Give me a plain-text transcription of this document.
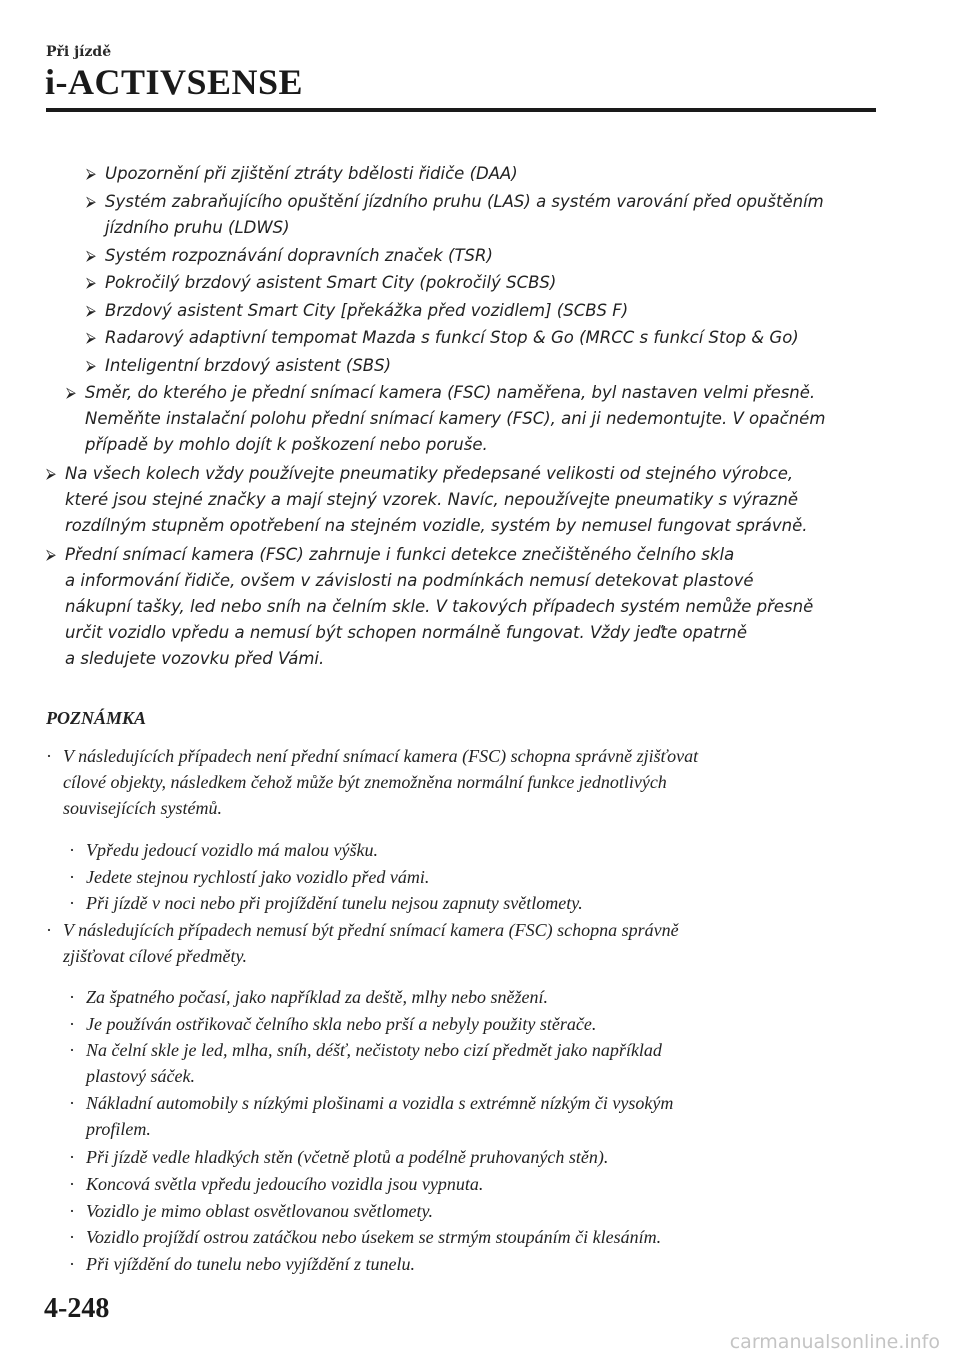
Při jízdě
i-ACTIVSENSE
⮚ Upozornění při zjištění ztráty bdělosti řidiče (DAA)
⮚ Systém zabraňujícího opuštění jízdního pruhu (LAS) a systém varování před opuštěním
jízdního pruhu (LDWS)
⮚ Systém rozpoznávání dopravních značek (TSR)
⮚ Pokročilý brzdový asistent Smart City (pokročilý SCBS)
⮚ Brzdový asistent Smart City [překážka před vozidlem] (SCBS F)
⮚ Radarový adaptivní tempomat Mazda s funkcí Stop & Go (MRCC s funkcí Stop & Go)
⮚ Inteligentní brzdový asistent (SBS)
⮚ Směr, do kterého je přední snímací kamera (FSC) naměřena, byl nastaven velmi přesně.
Neměňte instalační polohu přední snímací kamery (FSC), ani ji nedemontujte. V opačném
případě by mohlo dojít k poškození nebo poruše.
⮚ Na všech kolech vždy používejte pneumatiky předepsané velikosti od stejného výrobce,
které jsou stejné značky a mají stejný vzorek. Navíc, nepoužívejte pneumatiky s výrazně
rozdílným stupněm opotřebení na stejném vozidle, systém by nemusel fungovat správně.
⮚ Přední snímací kamera (FSC) zahrnuje i funkci detekce znečištěného čelního skla
a informování řidiče, ovšem v závislosti na podmínkách nemusí detekovat plastové
nákupní tašky, led nebo sníh na čelním skle. V takových případech systém nemůže přesně
určit vozidlo vpředu a nemusí být schopen normálně fungovat. Vždy jeďte opatrně
a sledujete vozovku před Vámi.
POZNÁMKA
· V následujících případech není přední snímací kamera (FSC) schopna správně zjišťovat
cílové objekty, následkem čehož může být znemožněna normální funkce jednotlivých
souvisejících systémů.
· Vpředu jedoucí vozidlo má malou výšku.
· Jedete stejnou rychlostí jako vozidlo před vámi.
· Při jízdě v noci nebo při projíždění tunelu nejsou zapnuty světlomety.
· V následujících případech nemusí být přední snímací kamera (FSC) schopna správně
zjišťovat cílové předměty.
· Za špatného počasí, jako například za deště, mlhy nebo sněžení.
· Je používán ostřikovač čelního skla nebo prší a nebyly použity stěrače.
· Na čelní skle je led, mlha, sníh, déšť, nečistoty nebo cizí předmět jako například
plastový sáček.
· Nákladní automobily s nízkými plošinami a vozidla s extrémně nízkým či vysokým
profilem.
· Při jízdě vedle hladkých stěn (včetně plotů a podélně pruhovaných stěn).
· Koncová světla vpředu jedoucího vozidla jsou vypnuta.
· Vozidlo je mimo oblast osvětlovanou světlomety.
· Vozidlo projíždí ostrou zatáčkou nebo úsekem se strmým stoupáním či klesáním.
· Při vjíždění do tunelu nebo vyjíždění z tunelu.
4-248
carmanualsonline.info
